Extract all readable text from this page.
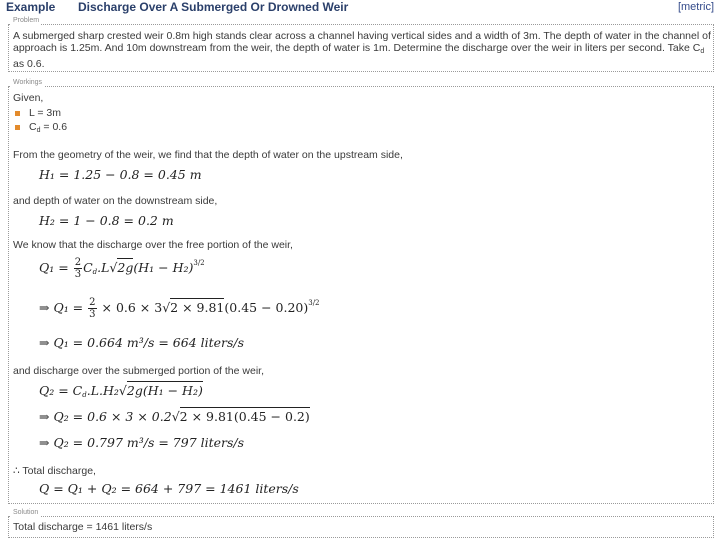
Example Discharge Over A Submerged Or Drowned Weir	[metric]
Problem
A submerged sharp crested weir 0.8m high stands clear across a channel having vertical sides and a width of 3m. The depth of water in the channel of approach is 1.25m. And 10m downstream from the weir, the depth of water is 1m. Determine the discharge over the weir in liters per second. Take $C_d$ as 0.6.
Workings
Given,
L = 3m
$C_d = 0.6$
From the geometry of the weir, we find that the depth of water on the upstream side,
H₁ = 1.25 − 0.8 = 0.45 m
and depth of water on the downstream side,
H₂ = 1 − 0.8 = 0.2 m
We know that the discharge over the free portion of the weir,
$Q_1 = \frac{2}{3} C_d.L√2g(H_1 - H_2)^{3/2}$
⇒ $Q_1 = \frac{2}{3} \times 0.6 \times 3√2 \times 9.81(0.45 - 0.20)^{3/2}$
⇒ Q₁ = 0.664 m³/s = 664 liters/s
and discharge over the submerged portion of the weir,
$Q_2 = C_d.L.H_2√2g(H_1 - H_2)$
⇒ Q₂ = 0.6 × 3 × 0.2√2 × 9.81(0.45 − 0.2)
⇒ Q₂ = 0.797 m³/s = 797 liters/s
∴ Total discharge,
Q = Q₁ + Q₂ = 664 + 797 = 1461 liters/s
Solution
Total discharge = 1461 liters/s
